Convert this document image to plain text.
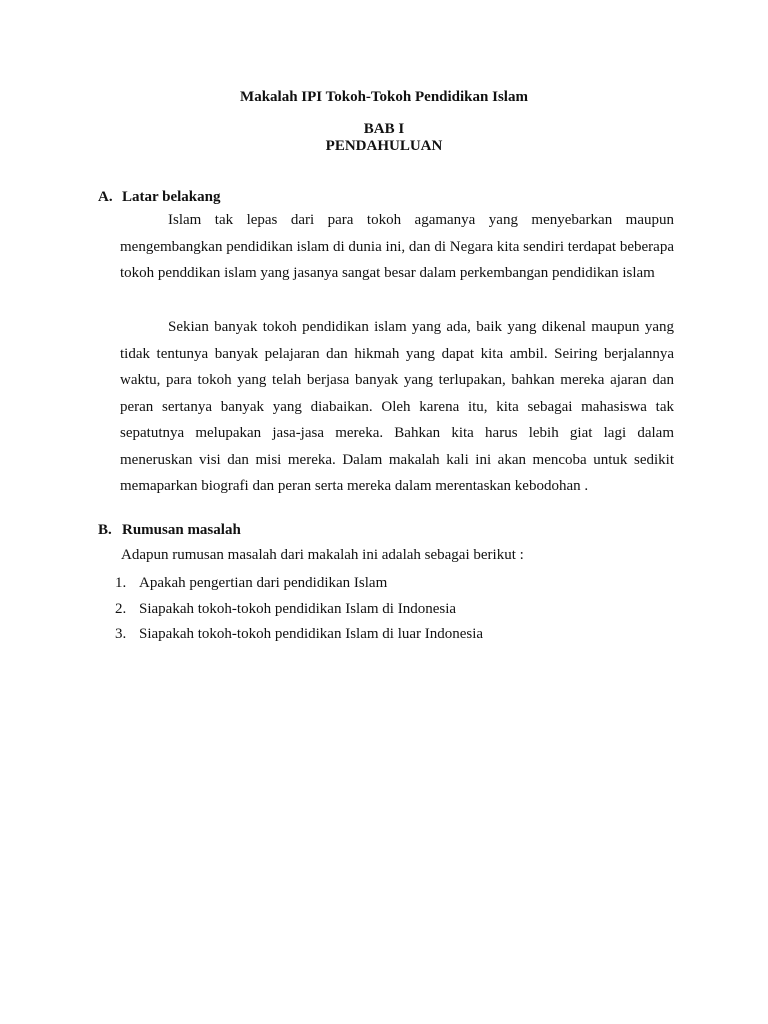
Makalah IPI Tokoh-Tokoh Pendidikan Islam
BAB I
PENDAHULUAN
A. Latar belakang

Islam tak lepas dari para tokoh agamanya yang menyebarkan maupun mengembangkan pendidikan islam di dunia ini, dan di Negara kita sendiri terdapat beberapa tokoh penddikan islam yang jasanya sangat besar dalam perkembangan pendidikan islam

Sekian banyak tokoh pendidikan islam yang ada, baik yang dikenal maupun yang tidak tentunya banyak pelajaran dan hikmah yang dapat kita ambil. Seiring berjalannya waktu, para tokoh yang telah berjasa banyak yang terlupakan, bahkan mereka ajaran dan peran sertanya banyak yang diabaikan. Oleh karena itu, kita sebagai mahasiswa tak sepatutnya melupakan jasa-jasa mereka. Bahkan kita harus lebih giat lagi dalam meneruskan visi dan misi mereka. Dalam makalah kali ini akan mencoba untuk sedikit memaparkan biografi dan peran serta mereka dalam merentaskan kebodohan .

B. Rumusan masalah
Adapun rumusan masalah dari makalah ini adalah sebagai berikut :
1. Apakah pengertian dari pendidikan Islam
2. Siapakah tokoh-tokoh pendidikan Islam di Indonesia
3. Siapakah tokoh-tokoh pendidikan Islam di luar Indonesia
